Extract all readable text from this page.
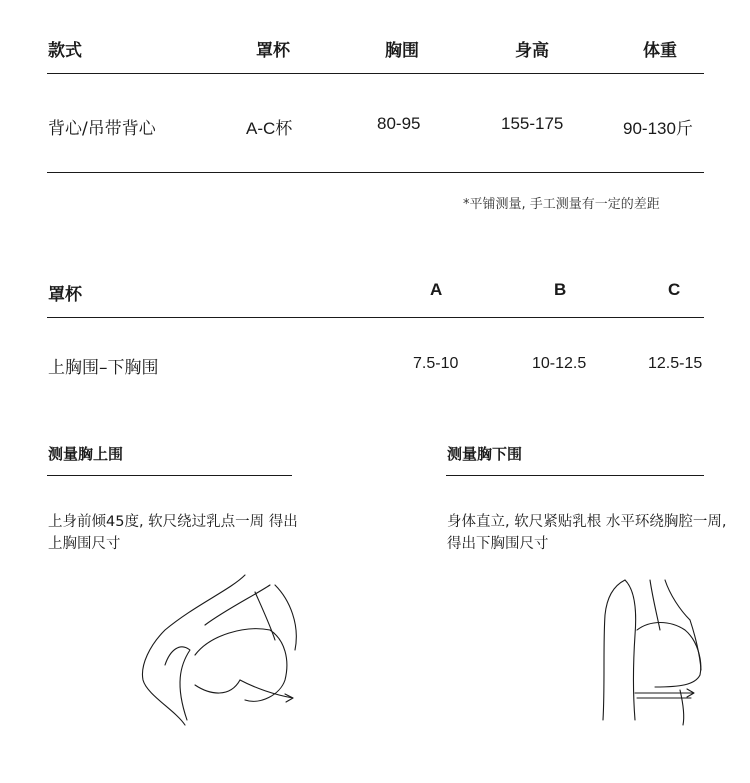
款式	罩杯	胸围	身高	体重
背心/吊带背心	A-C杯	80-95	155-175	90-130斤
*平铺测量, 手工测量有一定的差距
罩杯	A	B	C
上胸围–下胸围	7.5-10	10-12.5	12.5-15
测量胸上围
上身前倾45度, 软尺绕过乳点一周 得出上胸围尺寸
测量胸下围
身体直立, 软尺紧贴乳根 水平环绕胸腔一周, 得出下胸围尺寸
